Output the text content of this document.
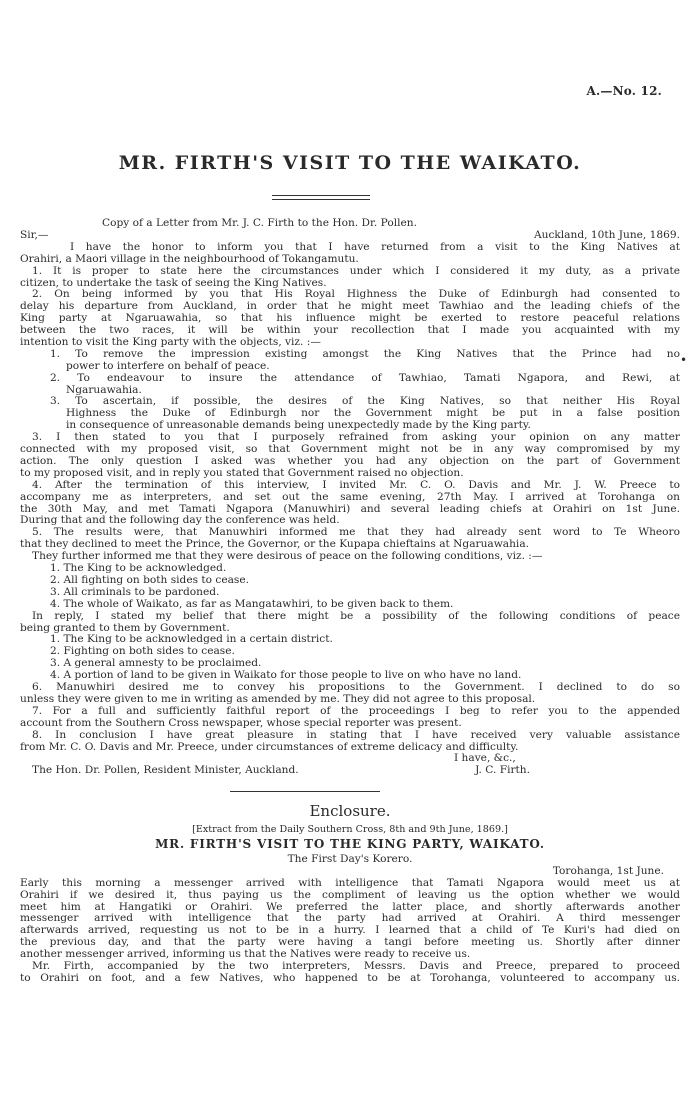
A.—No. 12.
MR. FIRTH'S VISIT TO THE WAIKATO.
•
Copy of a Letter from Mr. J. C. Firth to the Hon. Dr. Pollen.
Sir,—	Auckland, 10th June, 1869.
I have the honor to inform you that I have returned from a visit to the King Natives at
Orahiri, a Maori village in the neighbourhood of Tokangamutu.
1. It is proper to state here the circumstances under which I considered it my duty, as a private
citizen, to undertake the task of seeing the King Natives.
2. On being informed by you that His Royal Highness the Duke of Edinburgh had consented to
delay his departure from Auckland, in order that he might meet Tawhiao and the leading chiefs of the
King party at Ngaruawahia, so that his influence might be exerted to restore peaceful relations
between the two races, it will be within your recollection that I made you acquainted with my
intention to visit the King party with the objects, viz. :—
1. To remove the impression existing amongst the King Natives that the Prince had no
power to interfere on behalf of peace.
2. To endeavour to insure the attendance of Tawhiao, Tamati Ngapora, and Rewi, at
Ngaruawahia.
3. To ascertain, if possible, the desires of the King Natives, so that neither His Royal
Highness the Duke of Edinburgh nor the Government might be put in a false position
in consequence of unreasonable demands being unexpectedly made by the King party.
3. I then stated to you that I purposely refrained from asking your opinion on any matter
connected with my proposed visit, so that Government might not be in any way compromised by my
action. The only question I asked was whether you had any objection on the part of Government
to my proposed visit, and in reply you stated that Government raised no objection.
4. After the termination of this interview, I invited Mr. C. O. Davis and Mr. J. W. Preece to
accompany me as interpreters, and set out the same evening, 27th May. I arrived at Torohanga on
the 30th May, and met Tamati Ngapora (Manuwhiri) and several leading chiefs at Orahiri on 1st June.
During that and the following day the conference was held.
5. The results were, that Manuwhiri informed me that they had already sent word to Te Wheoro
that they declined to meet the Prince, the Governor, or the Kupapa chieftains at Ngaruawahia.
They further informed me that they were desirous of peace on the following conditions, viz. :—
1. The King to be acknowledged.
2. All fighting on both sides to cease.
3. All criminals to be pardoned.
4. The whole of Waikato, as far as Mangatawhiri, to be given back to them.
In reply, I stated my belief that there might be a possibility of the following conditions of peace
being granted to them by Government.
1. The King to be acknowledged in a certain district.
2. Fighting on both sides to cease.
3. A general amnesty to be proclaimed.
4. A portion of land to be given in Waikato for those people to live on who have no land.
6. Manuwhiri desired me to convey his propositions to the Government. I declined to do so
unless they were given to me in writing as amended by me. They did not agree to this proposal.
7. For a full and sufficiently faithful report of the proceedings I beg to refer you to the appended
account from the Southern Cross newspaper, whose special reporter was present.
8. In conclusion I have great pleasure in stating that I have received very valuable assistance
from Mr. C. O. Davis and Mr. Preece, under circumstances of extreme delicacy and difficulty.
I have, &c.,
The Hon. Dr. Pollen, Resident Minister, Auckland.	J. C. Firth.
Enclosure.
[Extract from the Daily Southern Cross, 8th and 9th June, 1869.]
MR. FIRTH'S VISIT TO THE KING PARTY, WAIKATO.
The First Day's Korero.
Torohanga, 1st June.
Early this morning a messenger arrived with intelligence that Tamati Ngapora would meet us at
Orahiri if we desired it, thus paying us the compliment of leaving us the option whether we would
meet him at Hangatiki or Orahiri. We preferred the latter place, and shortly afterwards another
messenger arrived with intelligence that the party had arrived at Orahiri. A third messenger
afterwards arrived, requesting us not to be in a hurry. I learned that a child of Te Kuri's had died on
the previous day, and that the party were having a tangi before meeting us. Shortly after dinner
another messenger arrived, informing us that the Natives were ready to receive us.
Mr. Firth, accompanied by the two interpreters, Messrs. Davis and Preece, prepared to proceed
to Orahiri on foot, and a few Natives, who happened to be at Torohanga, volunteered to accompany us.
